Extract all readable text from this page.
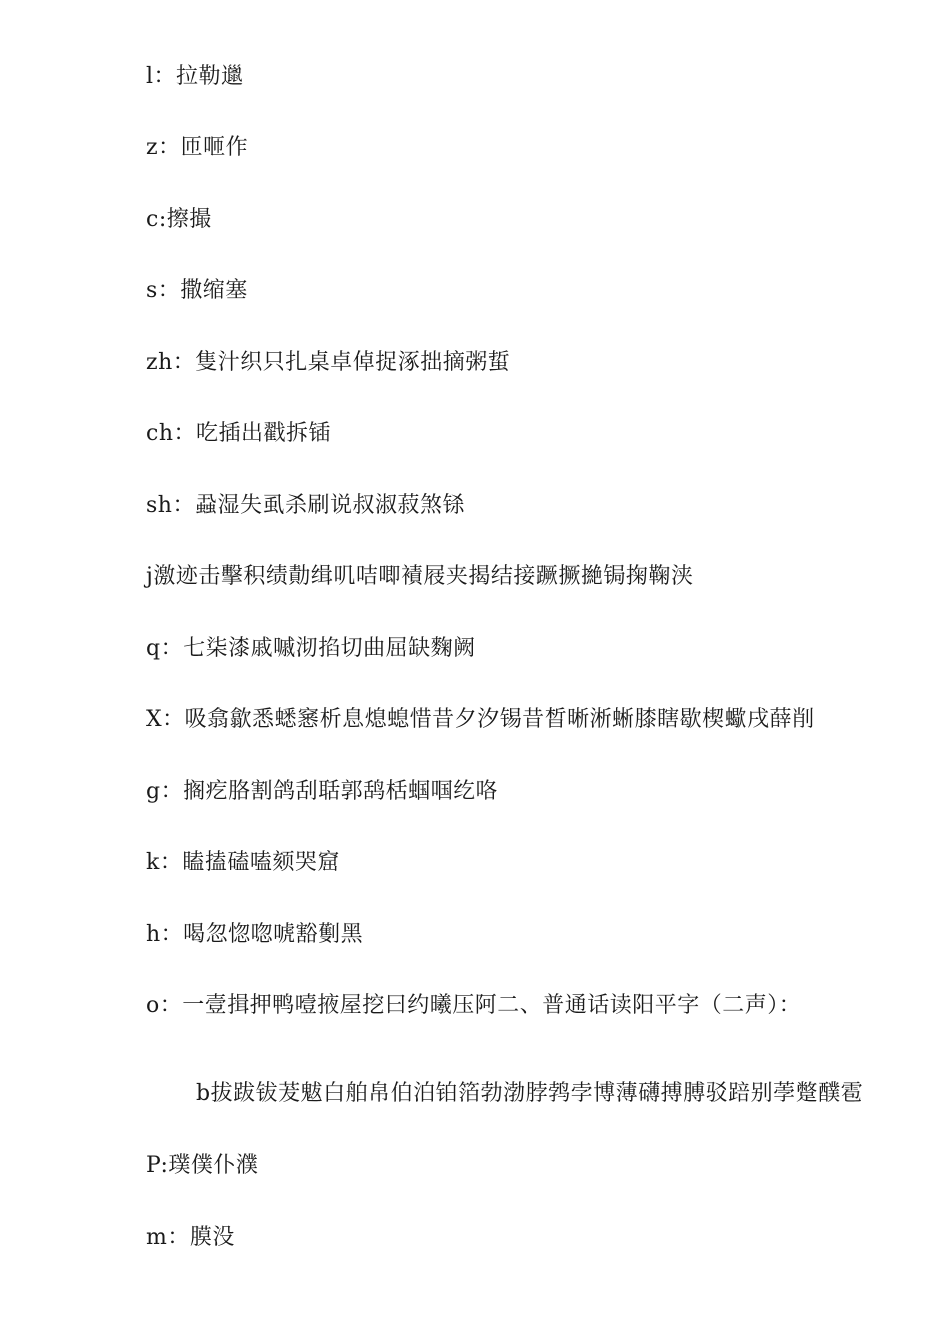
l：拉勒邋
z：匝咂作
c:擦撮
s：撒缩塞
zh：隻汁织只扎桌卓倬捉涿拙摘粥蜇
ch：吃插出戳拆锸
sh：蝨湿失虱杀刷说叔淑菽煞铩
j激迹击擊积绩勣缉叽咭唧襀屐夹揭结接蹶撅撧锔掬鞠浃
q：七柒漆戚嘁沏掐切曲屈缺麴阙
X：吸翕歙悉蟋窸析息熄螅惜昔夕汐锡昔晳晰淅蜥膝瞎歇楔蠍戌薛削
g：搁疙胳割鸽刮聒郭鸹栝蝈啯纥咯
k：瞌搕磕嗑颏哭窟
h：喝忽惚唿唬豁劐黑
o：一壹揖押鸭噎掖屋挖曰约曦压阿二、普通话读阳平字（二声）：
b拔跋钹茇魃白舶帛伯泊铂箔勃渤脖鹁孛博薄礴搏膊驳踣别荸蹩醭雹
P:璞僕仆濮
m：膜没
